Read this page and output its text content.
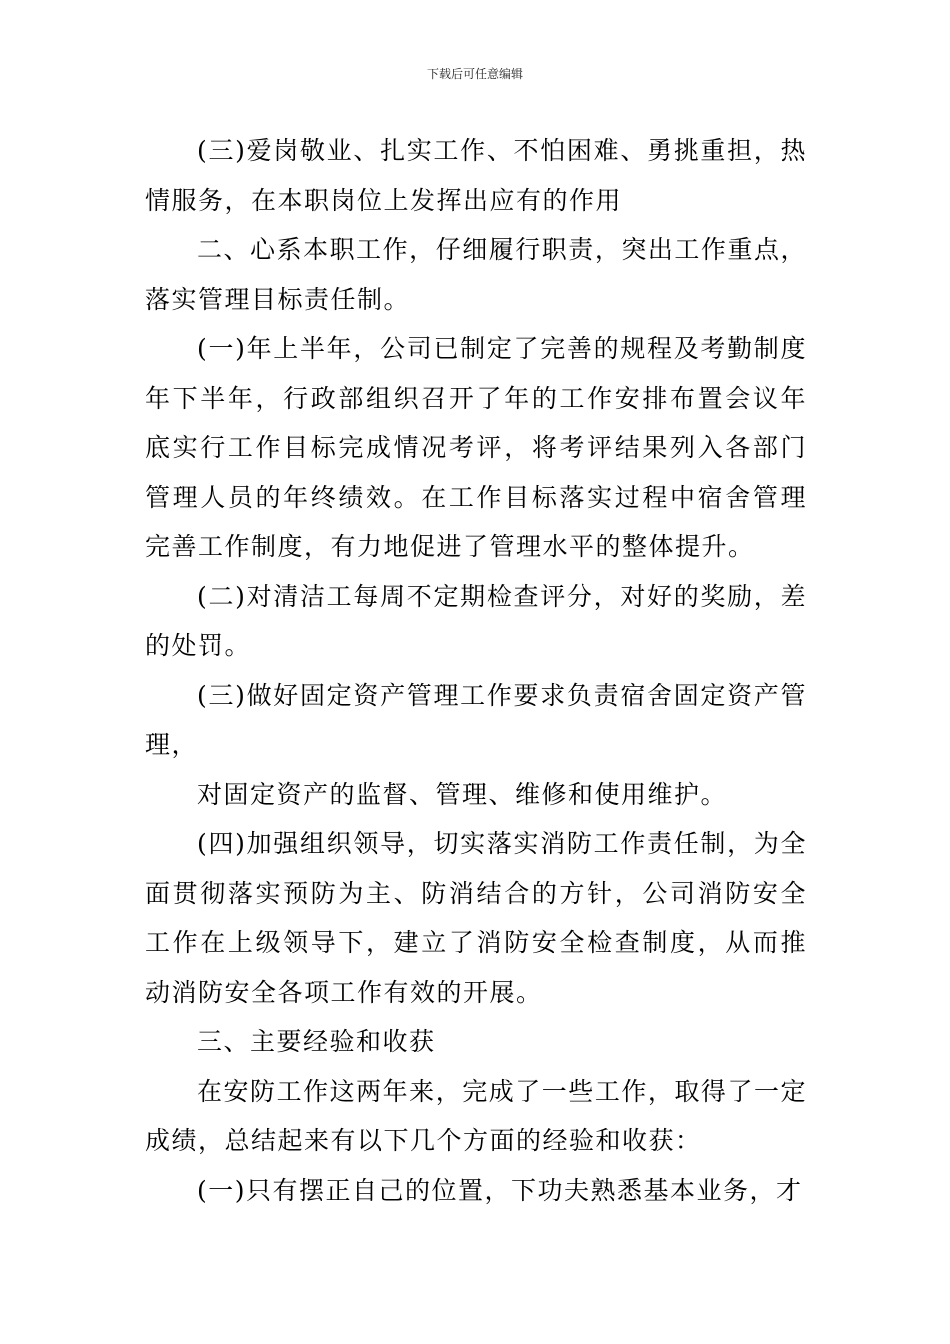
下载后可任意编辑

(三)爱岗敬业、扎实工作、不怕困难、勇挑重担，热情服务，在本职岗位上发挥出应有的作用

二、心系本职工作，仔细履行职责，突出工作重点，落实管理目标责任制。

(一)年上半年，公司已制定了完善的规程及考勤制度年下半年，行政部组织召开了年的工作安排布置会议年底实行工作目标完成情况考评，将考评结果列入各部门管理人员的年终绩效。在工作目标落实过程中宿舍管理完善工作制度，有力地促进了管理水平的整体提升。

(二)对清洁工每周不定期检查评分，对好的奖励，差的处罚。

(三)做好固定资产管理工作要求负责宿舍固定资产管理，

对固定资产的监督、管理、维修和使用维护。

(四)加强组织领导，切实落实消防工作责任制，为全面贯彻落实预防为主、防消结合的方针，公司消防安全工作在上级领导下，建立了消防安全检查制度，从而推动消防安全各项工作有效的开展。

三、主要经验和收获

在安防工作这两年来，完成了一些工作，取得了一定成绩，总结起来有以下几个方面的经验和收获：

(一)只有摆正自己的位置，下功夫熟悉基本业务，才
